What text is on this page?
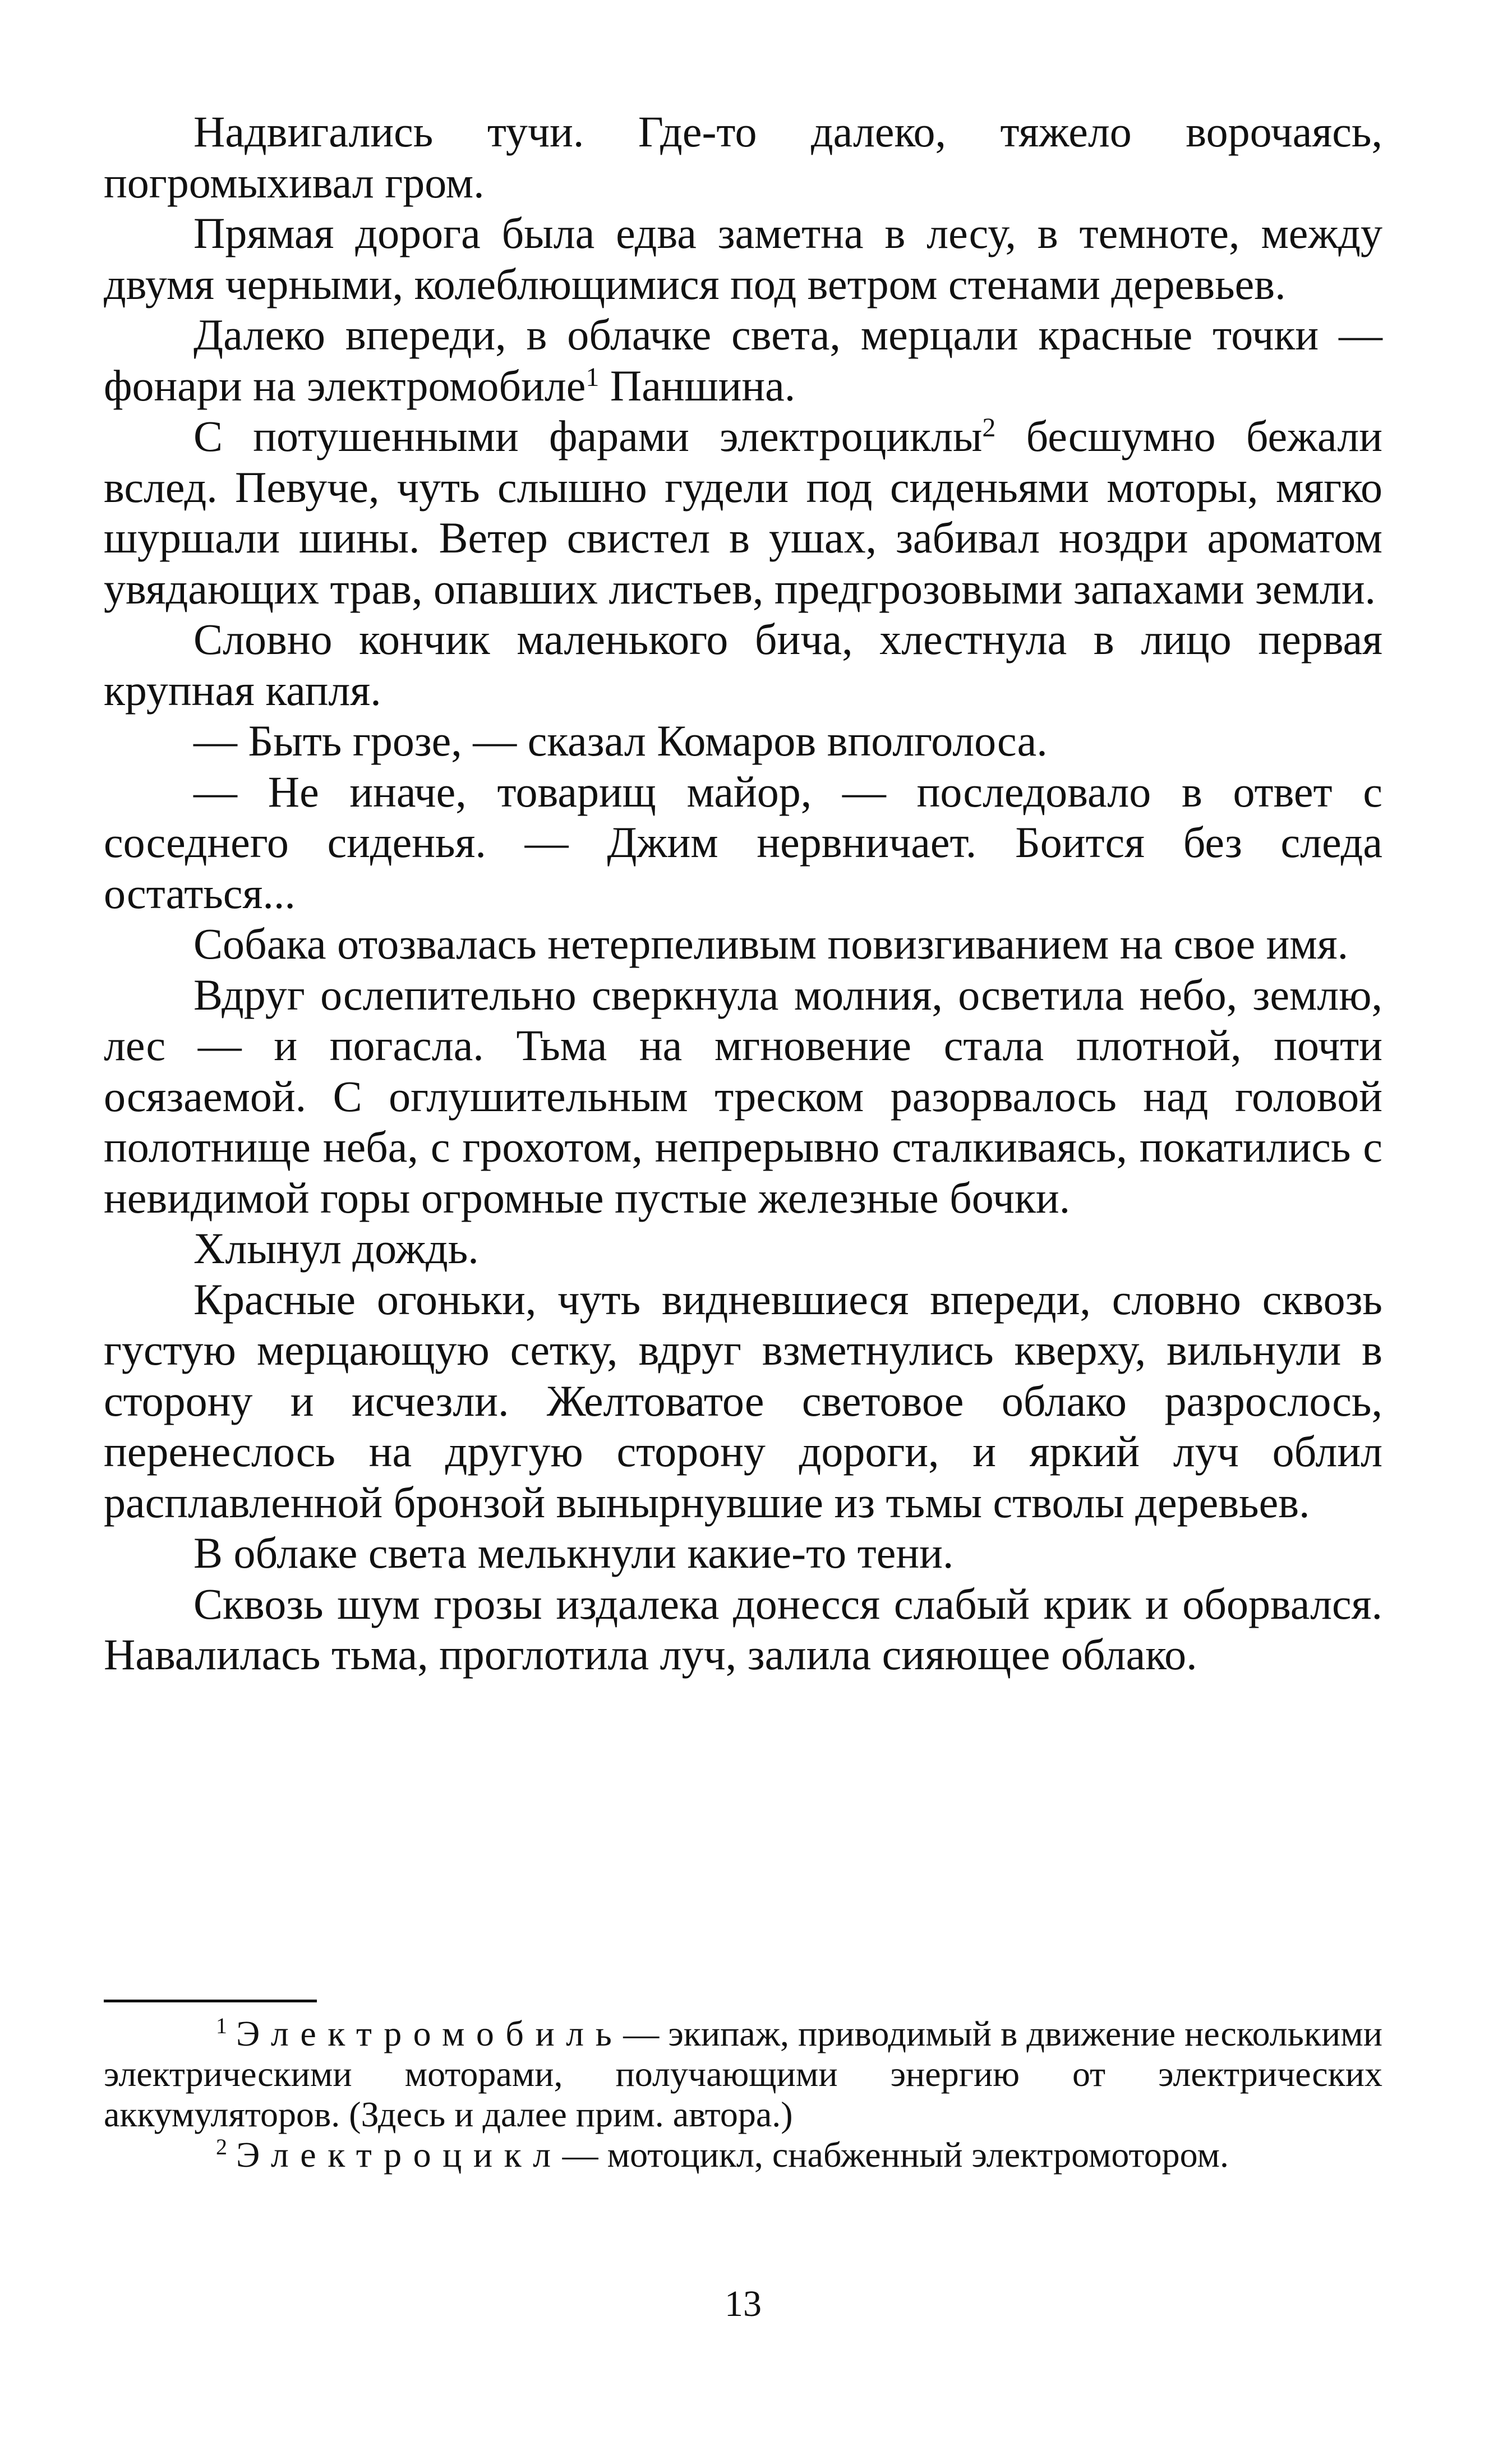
Надвигались тучи. Где-то далеко, тяжело ворочаясь, погромыхивал гром.

Прямая дорога была едва заметна в лесу, в темноте, между двумя черными, колеблющимися под ветром стенами деревьев.

Далеко впереди, в облачке света, мерцали красные точки — фонари на электромобиле$^1$ Паншина.

С потушенными фарами электроциклы$^2$ бесшумно бежали вслед. Певуче, чуть слышно гудели под сиденьями моторы, мягко шуршали шины. Ветер свистел в ушах, забивал ноздри ароматом увядающих трав, опавших листьев, предгрозовыми запахами земли.

Словно кончик маленького бича, хлестнула в лицо первая крупная капля.

— Быть грозе, — сказал Комаров вполголоса.

— Не иначе, товарищ майор, — последовало в ответ с соседнего сиденья. — Джим нервничает. Боится без следа остаться...

Собака отозвалась нетерпеливым повизгиванием на свое имя.

Вдруг ослепительно сверкнула молния, осветила небо, землю, лес — и погасла. Тьма на мгновение стала плотной, почти осязаемой. С оглушительным треском разорвалось над головой полотнище неба, с грохотом, непрерывно сталкиваясь, покатились с невидимой горы огромные пустые железные бочки.

Хлынул дождь.

Красные огоньки, чуть видневшиеся впереди, словно сквозь густую мерцающую сетку, вдруг взметнулись кверху, вильнули в сторону и исчезли. Желтоватое световое облако разрослось, перенеслось на другую сторону дороги, и яркий луч облил расплавленной бронзой вынырнувшие из тьмы стволы деревьев.

В облаке света мелькнули какие-то тени.

Сквозь шум грозы издалека донесся слабый крик и оборвался. Навалилась тьма, проглотила луч, залила сияющее облако.

$^1$ Электромобиль— экипаж, приводимый в движение несколькими электрическими моторами, получающими энергию от электрических аккумуляторов. (Здесь и далее прим. автора.)

$^2$ Электроцикл— мотоцикл, снабженный электромотором.

13
